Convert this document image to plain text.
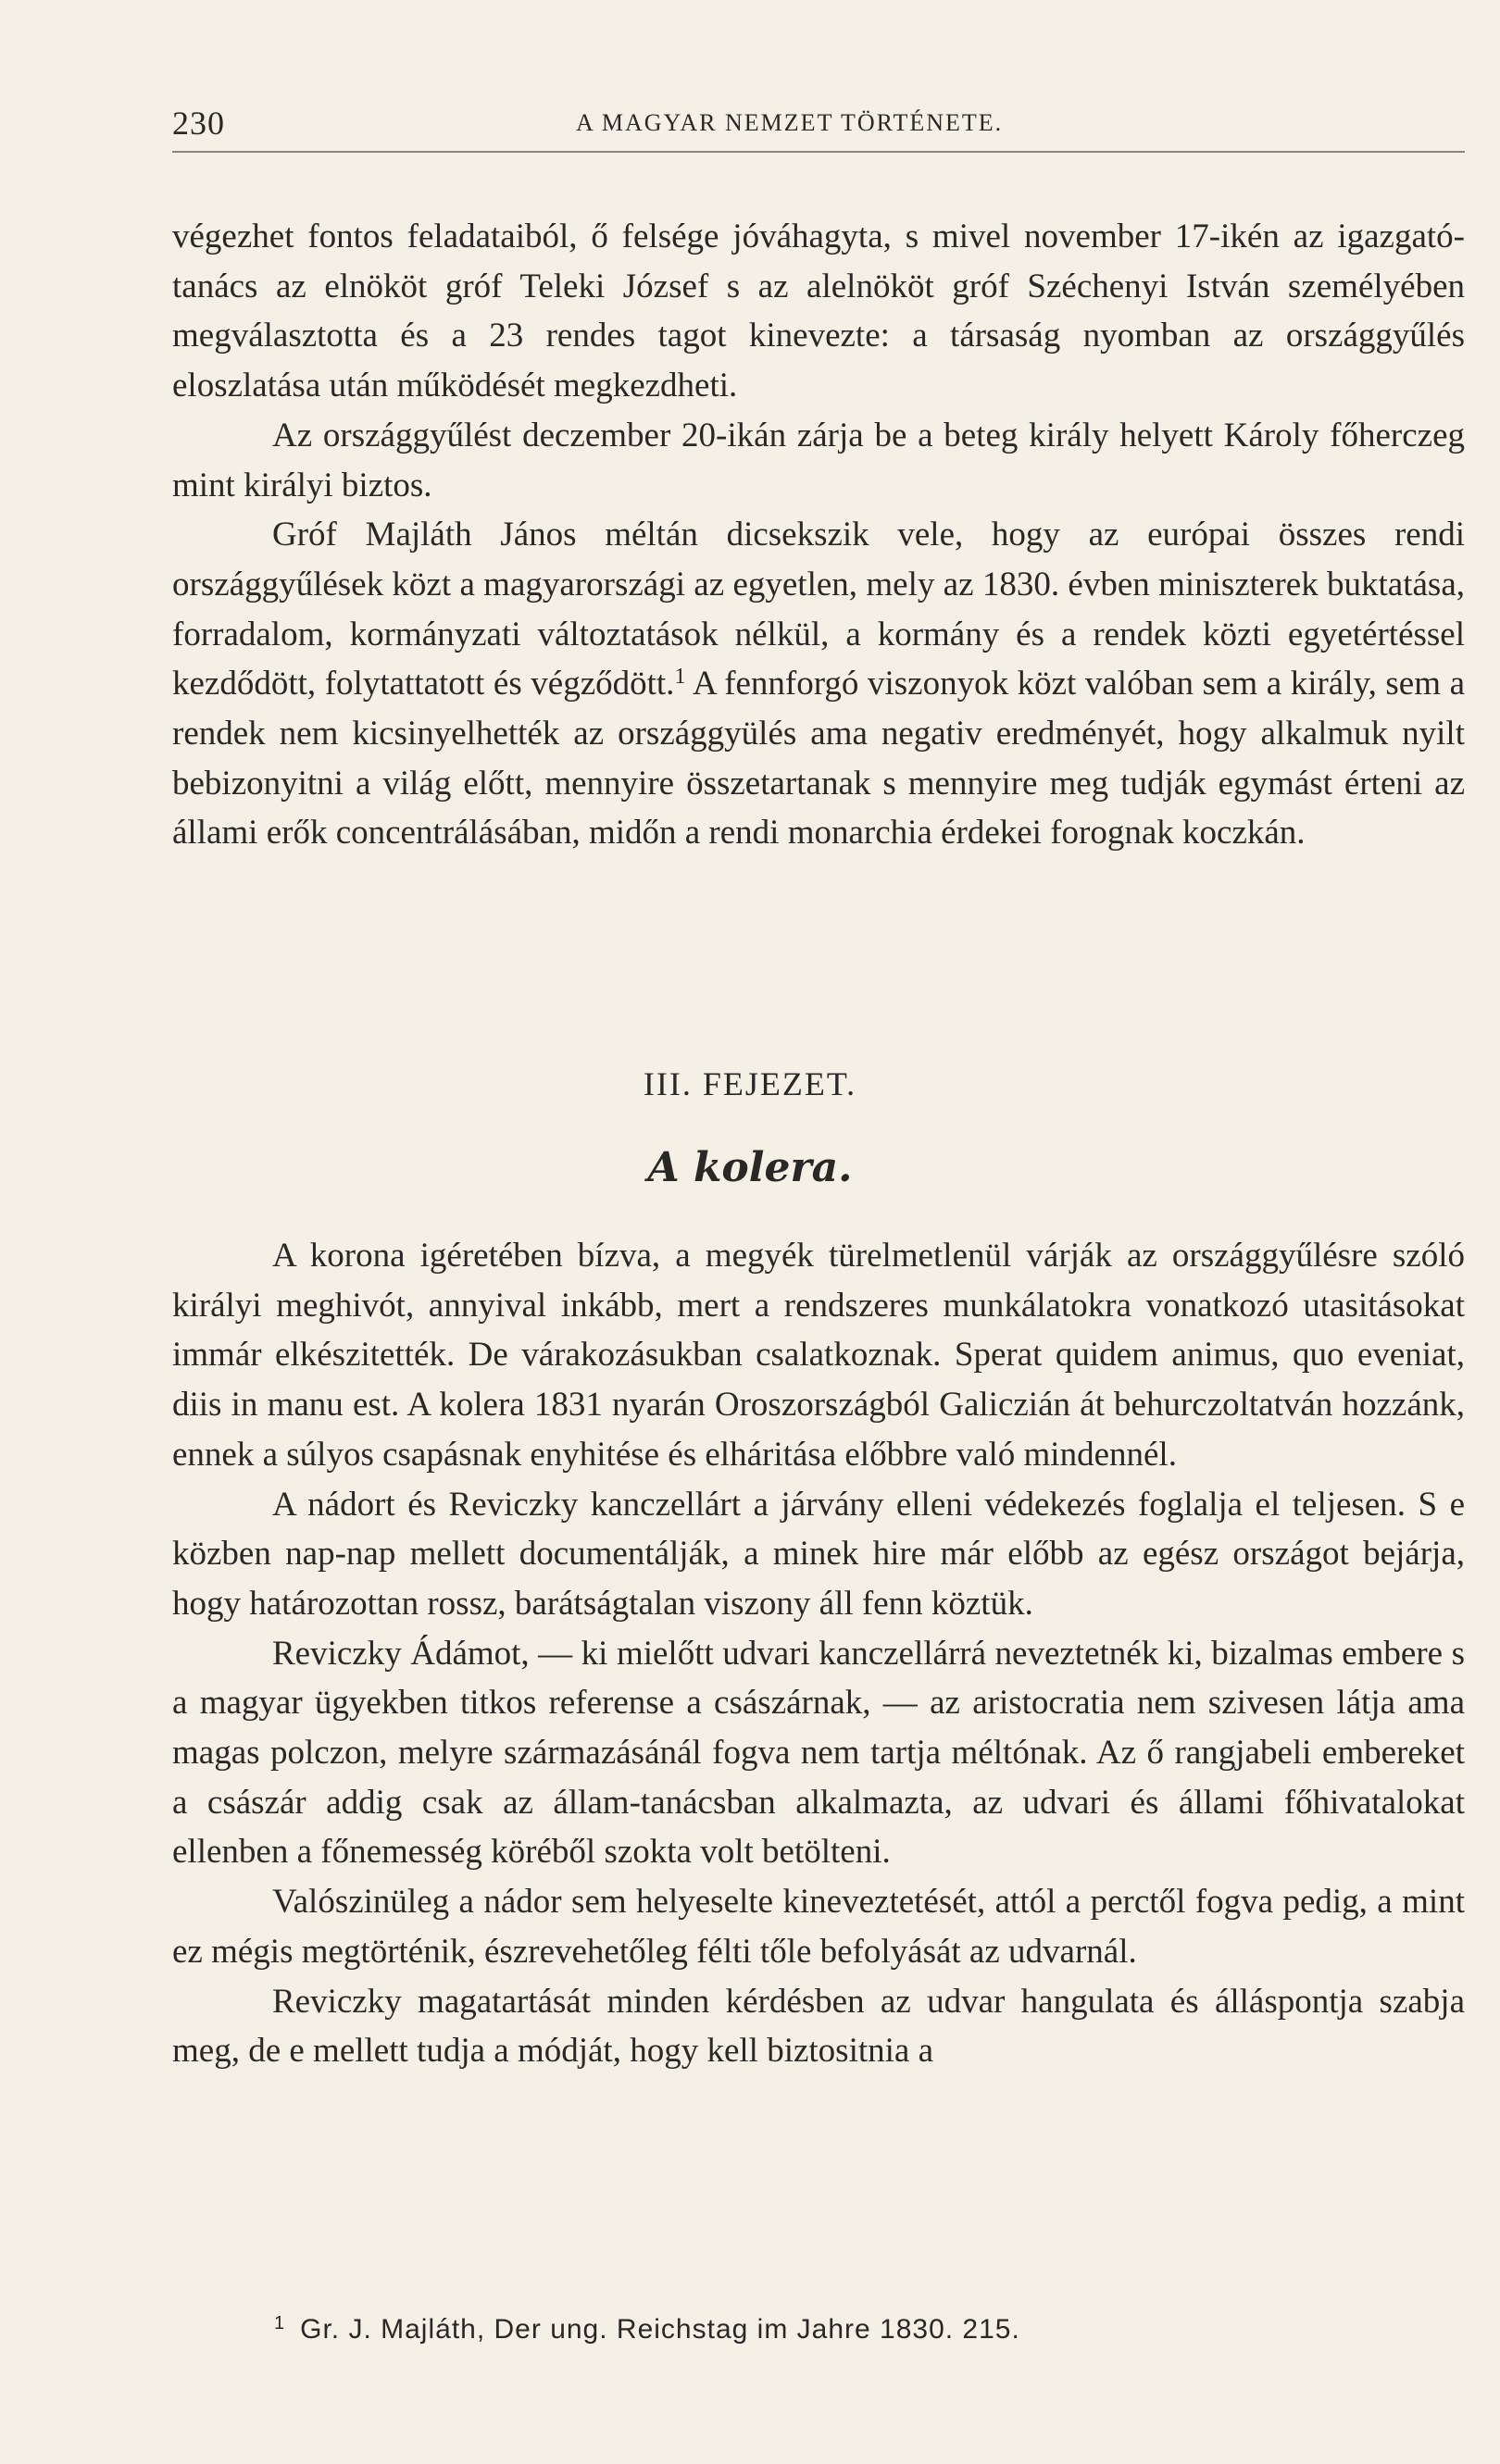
230	A MAGYAR NEMZET TÖRTÉNETE.

végezhet fontos feladataiból, ő felsége jóváhagyta, s mivel november 17-ikén az igazgató-tanács az elnököt gróf Teleki József s az alelnököt gróf Széchenyi István személyében megválasztotta és a 23 rendes tagot kinevezte: a társaság nyomban az országgyűlés eloszlatása után működését megkezdheti.

Az országgyűlést deczember 20-ikán zárja be a beteg király helyett Károly főherczeg mint királyi biztos.

Gróf Majláth János méltán dicsekszik vele, hogy az európai összes rendi országgyűlések közt a magyarországi az egyetlen, mely az 1830. évben miniszterek buktatása, forradalom, kormányzati változtatások nélkül, a kormány és a rendek közti egyetértéssel kezdődött, folytattatott és végződött.$^1$ A fennforgó viszonyok közt valóban sem a király, sem a rendek nem kicsinyelhették az országgyülés ama negativ eredményét, hogy alkalmuk nyilt bebizonyitni a világ előtt, mennyire összetartanak s mennyire meg tudják egymást érteni az állami erők concentrálásában, midőn a rendi monarchia érdekei forognak koczkán.

III. FEJEZET.
A kolera.

A korona igéretében bízva, a megyék türelmetlenül várják az országgyűlésre szóló királyi meghivót, annyival inkább, mert a rendszeres munkálatokra vonatkozó utasitásokat immár elkészitették. De várakozásukban csalatkoznak. Sperat quidem animus, quo eveniat, diis in manu est. A kolera 1831 nyarán Oroszországból Galiczián át behurczoltatván hozzánk, ennek a súlyos csapásnak enyhitése és elháritása előbbre való mindennél.

A nádort és Reviczky kanczellárt a járvány elleni védekezés foglalja el teljesen. S e közben nap-nap mellett documentálják, a minek hire már előbb az egész országot bejárja, hogy határozottan rossz, barátságtalan viszony áll fenn köztük.

Reviczky Ádámot, — ki mielőtt udvari kanczellárrá neveztetnék ki, bizalmas embere s a magyar ügyekben titkos referense a császárnak, — az aristocratia nem szivesen látja ama magas polczon, melyre származásánál fogva nem tartja méltónak. Az ő rangjabeli embereket a császár addig csak az állam-tanácsban alkalmazta, az udvari és állami főhivatalokat ellenben a főnemesség köréből szokta volt betölteni.

Valószinüleg a nádor sem helyeselte kineveztetését, attól a perctől fogva pedig, a mint ez mégis megtörténik, észrevehetőleg félti tőle befolyását az udvarnál.

Reviczky magatartását minden kérdésben az udvar hangulata és álláspontja szabja meg, de e mellett tudja a módját, hogy kell biztositnia a

$^1$ Gr. J. Majláth, Der ung. Reichstag im Jahre 1830. 215.
